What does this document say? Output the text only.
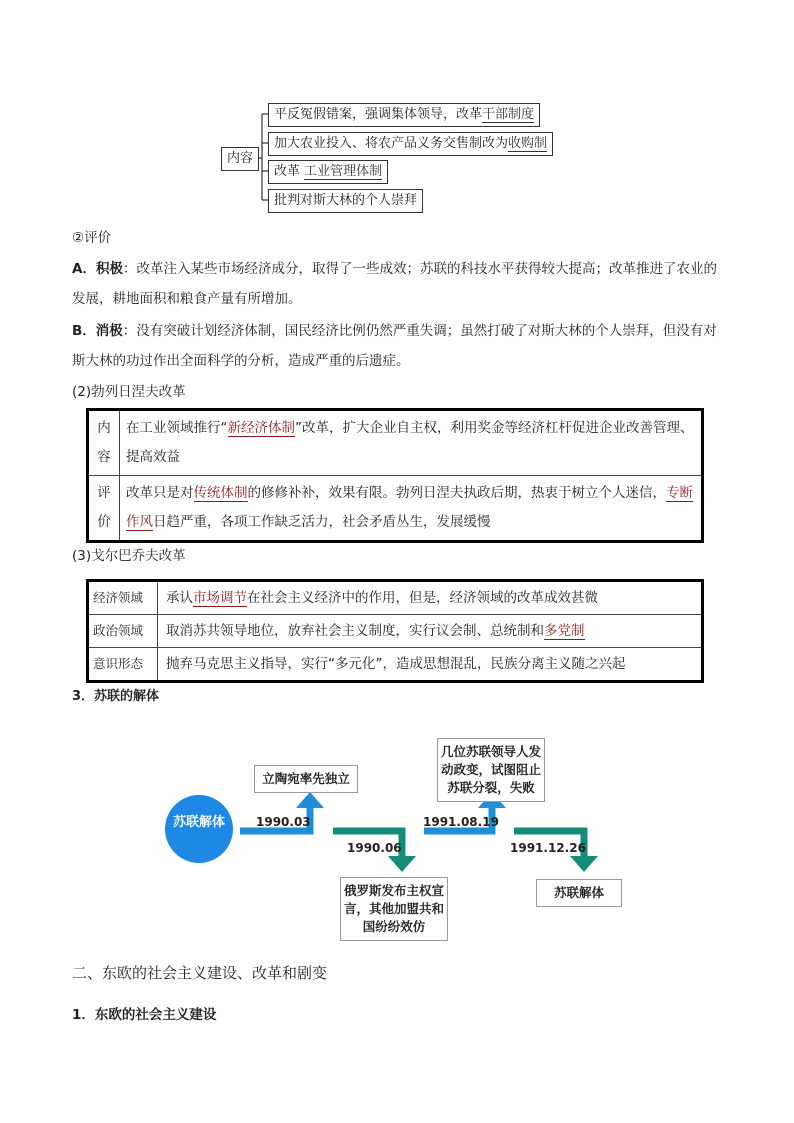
内容
平反冤假错案，强调集体领导，改革干部制度
加大农业投入、将农产品义务交售制改为收购制
改革 工业管理体制
批判对斯大林的个人崇拜
②评价
A．积极：改革注入某些市场经济成分，取得了一些成效；苏联的科技水平获得较大提高；改革推进了农业的发展，耕地面积和粮食产量有所增加。
B．消极：没有突破计划经济体制，国民经济比例仍然严重失调；虽然打破了对斯大林的个人崇拜，但没有对斯大林的功过作出全面科学的分析，造成严重的后遗症。
(2)勃列日涅夫改革
内容	在工业领域推行“新经济体制”改革，扩大企业自主权，利用奖金等经济杠杆促进企业改善管理、提高效益
评价	改革只是对传统体制的修修补补，效果有限。勃列日涅夫执政后期，热衷于树立个人迷信，专断作风日趋严重，各项工作缺乏活力，社会矛盾丛生，发展缓慢
(3)戈尔巴乔夫改革
经济领域	承认市场调节在社会主义经济中的作用，但是，经济领域的改革成效甚微
政治领域	取消苏共领导地位，放弃社会主义制度，实行议会制、总统制和多党制
意识形态	抛弃马克思主义指导，实行“多元化”，造成思想混乱，民族分离主义随之兴起
3．苏联的解体
苏联解体	1990.03
立陶宛率先独立
1990.06
俄罗斯发布主权宣言，其他加盟共和国纷纷效仿
1991.08.19
几位苏联领导人发动政变，试图阻止苏联分裂，失败
1991.12.26
苏联解体
二、东欧的社会主义建设、改革和剧变
1．东欧的社会主义建设
